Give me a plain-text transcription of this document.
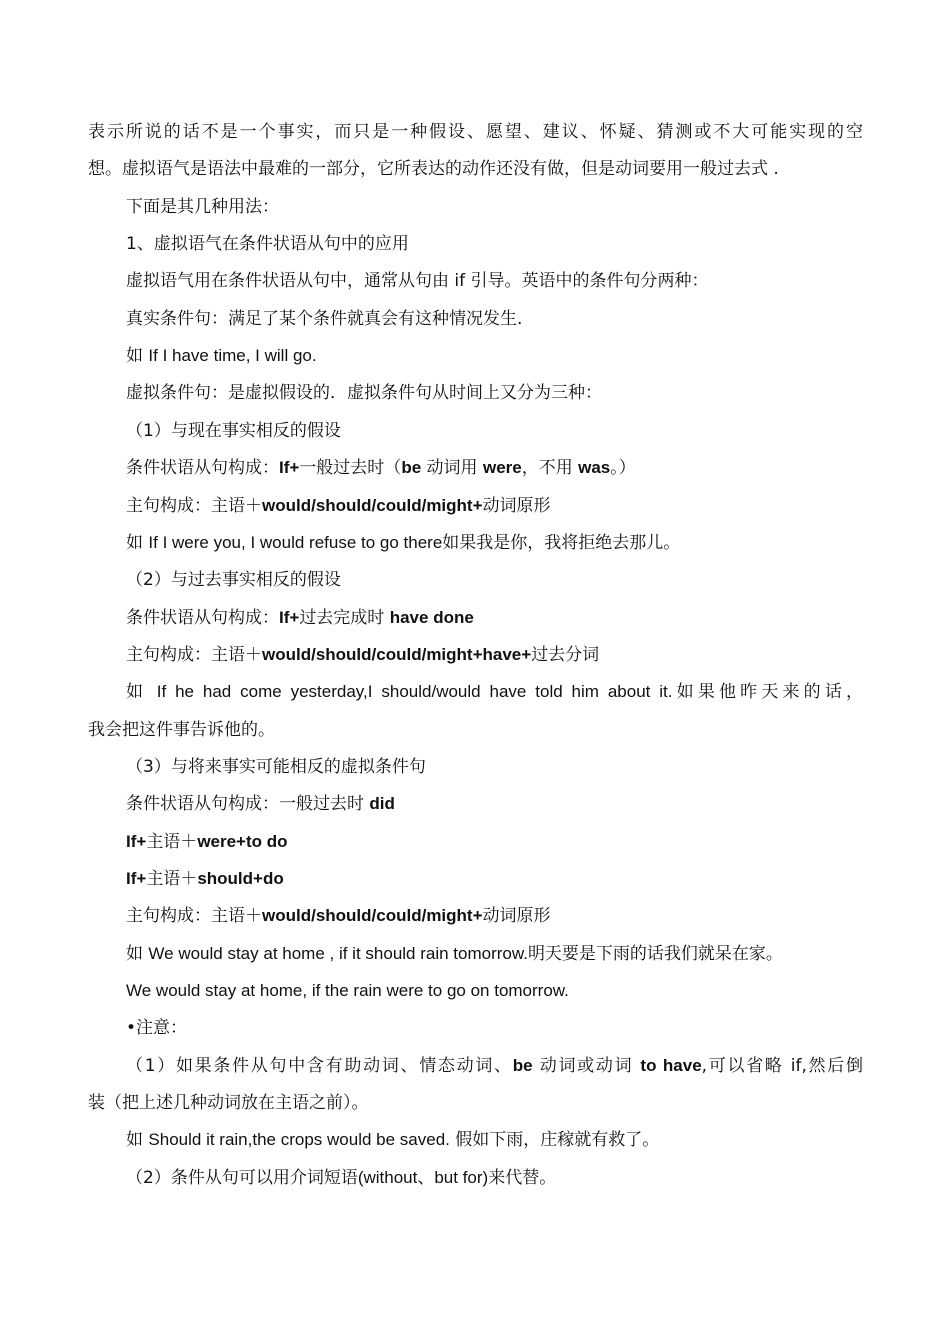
表示所说的话不是一个事实，而只是一种假设、愿望、建议、怀疑、猜测或不大可能实现的空
想。虚拟语气是语法中最难的一部分，它所表达的动作还没有做，但是动词要用一般过去式 .
下面是其几种用法：
1、虚拟语气在条件状语从句中的应用
虚拟语气用在条件状语从句中，通常从句由 if 引导。英语中的条件句分两种：
真实条件句：满足了某个条件就真会有这种情况发生.
如 If I have time, I will go.
虚拟条件句：是虚拟假设的．虚拟条件句从时间上又分为三种：
（1）与现在事实相反的假设
条件状语从句构成：If+一般过去时（be 动词用 were，不用 was。）
主句构成：主语＋would/should/could/might+动词原形
如 If I were you, I would refuse to go there如果我是你，我将拒绝去那儿。
（2）与过去事实相反的假设
条件状语从句构成：If+过去完成时 have done
主句构成：主语＋would/should/could/might+have+过去分词
如 If he had come yesterday,I should/would have told him about it.如果他昨天来的话，
我会把这件事告诉他的。
（3）与将来事实可能相反的虚拟条件句
条件状语从句构成：一般过去时 did
If+主语＋were+to do
If+主语＋should+do
主句构成：主语＋would/should/could/might+动词原形
如 We would stay at home , if it should rain tomorrow.明天要是下雨的话我们就呆在家。
We would stay at home, if the rain were to go on tomorrow.
•注意：
（1）如果条件从句中含有助动词、情态动词、be 动词或动词 to have,可以省略 if,然后倒
装（把上述几种动词放在主语之前）。
如 Should it rain,the crops would be saved. 假如下雨，庄稼就有救了。
（2）条件从句可以用介词短语(without、but for)来代替。
